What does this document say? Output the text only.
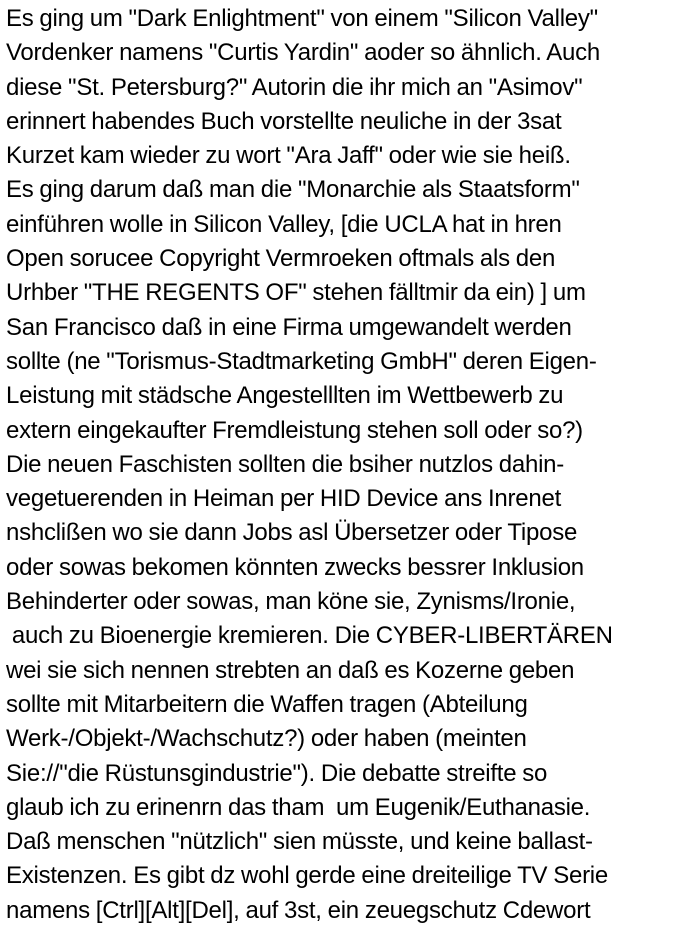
Es ging um "Dark Enlightment" von einem "Silicon Valley"
Vordenker namens "Curtis Yardin" aoder so ähnlich. Auch
diese "St. Petersburg?" Autorin die ihr mich an "Asimov"
erinnert habendes Buch vorstellte neuliche in der 3sat
Kurzet kam wieder zu wort "Ara Jaff" oder wie sie heiß.
Es ging darum daß man die "Monarchie als Staatsform"
einführen wolle in Silicon Valley, [die UCLA hat in hren
Open sorucee Copyright Vermroeken oftmals als den
Urhber "THE REGENTS OF" stehen fälltmir da ein) ] um
San Francisco daß in eine Firma umgewandelt werden
sollte (ne "Torismus-Stadtmarketing GmbH" deren Eigen-
Leistung mit städsche Angestelllten im Wettbewerb zu
extern eingekaufter Fremdleistung stehen soll oder so?)
Die neuen Faschisten sollten die bsiher nutzlos dahin-
vegetuerenden in Heiman per HID Device ans Inrenet
nshclißen wo sie dann Jobs asl Übersetzer oder Tipose
oder sowas bekomen könnten zwecks bessrer Inklusion
Behinderter oder sowas, man köne sie, Zynisms/Ironie,
auch zu Bioenergie kremieren. Die CYBER-LIBERTÄREN
wei sie sich nennen strebten an daß es Kozerne geben
sollte mit Mitarbeitern die Waffen tragen (Abteilung
Werk-/Objekt-/Wachschutz?) oder haben (meinten
Sie://"die Rüstunsgindustrie"). Die debatte streifte so
glaub ich zu erinenrn das tham  um Eugenik/Euthanasie.
Daß menschen "nützlich" sien müsste, und keine ballast-
Existenzen. Es gibt dz wohl gerde eine dreiteilige TV Serie
namens [Ctrl][Alt][Del], auf 3st, ein zeuegschutz Cdewort
